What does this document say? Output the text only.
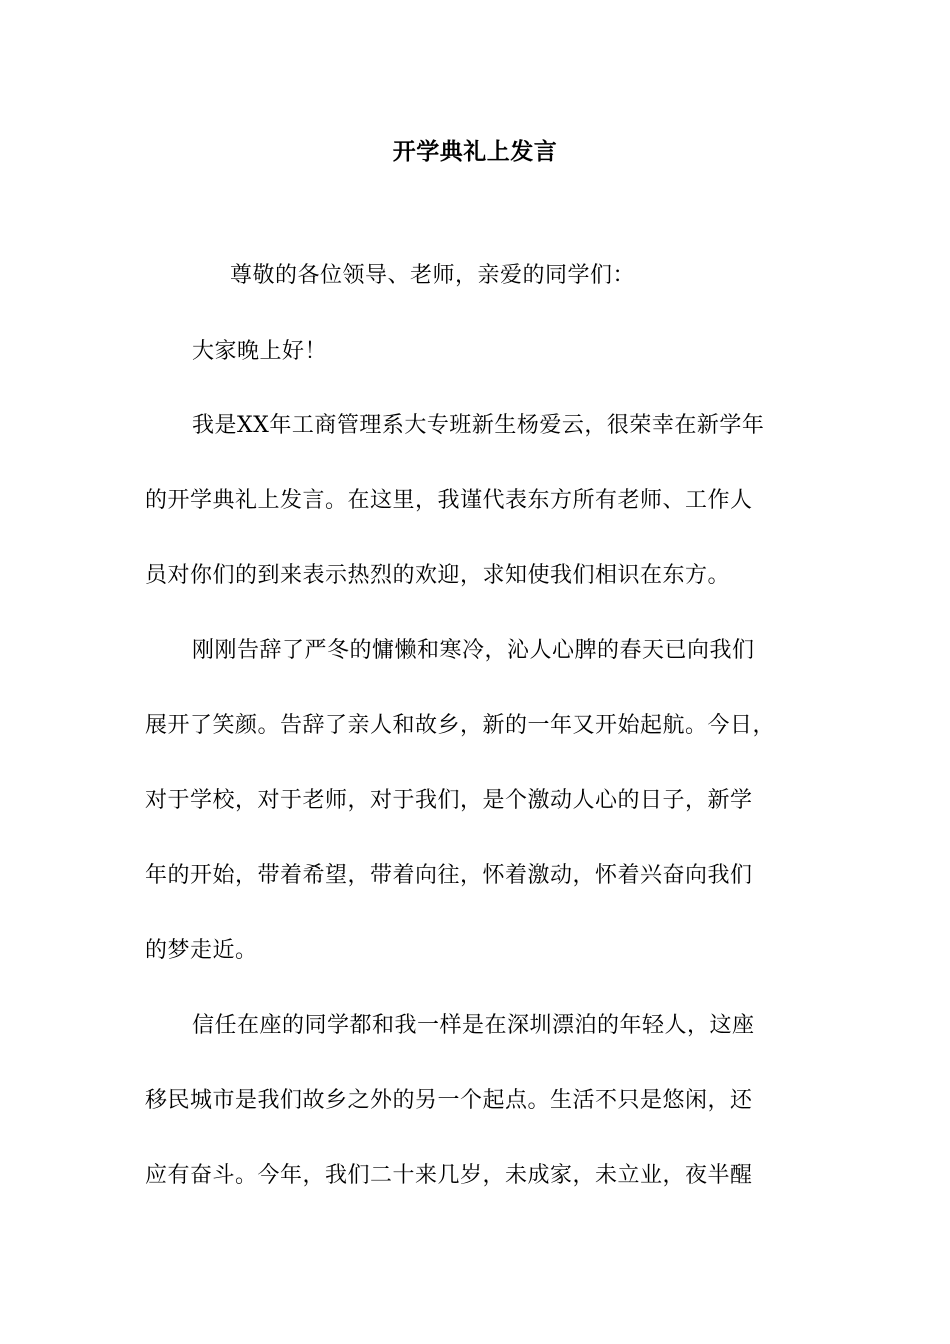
开学典礼上发言
尊敬的各位领导、老师，亲爱的同学们：
大家晚上好！
我是XX年工商管理系大专班新生杨爱云，很荣幸在新学年
的开学典礼上发言。在这里，我谨代表东方所有老师、工作人
员对你们的到来表示热烈的欢迎，求知使我们相识在东方。
刚刚告辞了严冬的慵懒和寒冷，沁人心脾的春天已向我们
展开了笑颜。告辞了亲人和故乡，新的一年又开始起航。今日，
对于学校，对于老师，对于我们，是个激动人心的日子，新学
年的开始，带着希望，带着向往，怀着激动，怀着兴奋向我们
的梦走近。
信任在座的同学都和我一样是在深圳漂泊的年轻人，这座
移民城市是我们故乡之外的另一个起点。生活不只是悠闲，还
应有奋斗。今年，我们二十来几岁，未成家，未立业，夜半醒
